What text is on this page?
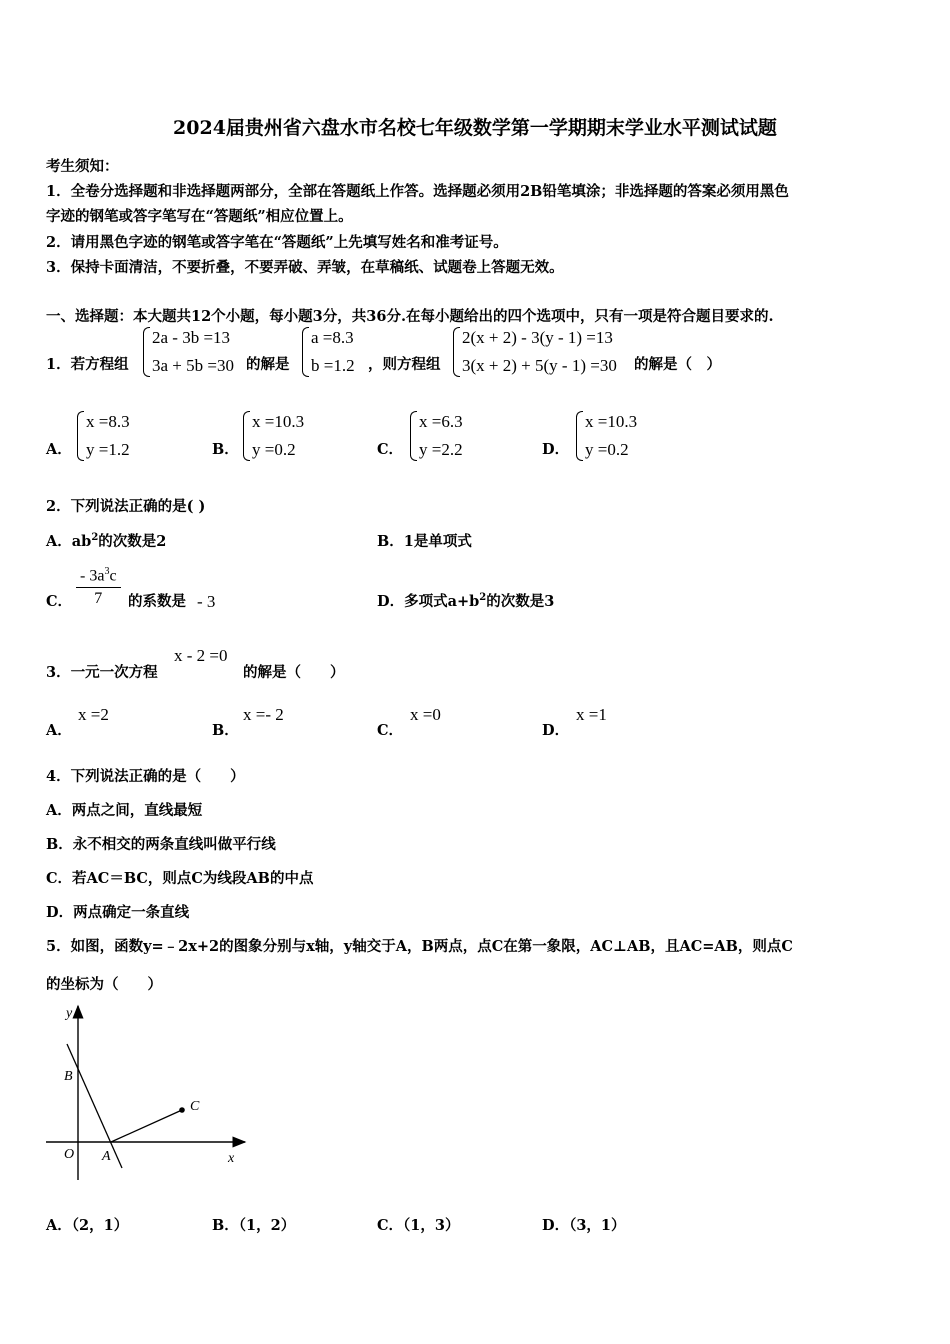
2024届贵州省六盘水市名校七年级数学第一学期期末学业水平测试试题
考生须知：
1．全卷分选择题和非选择题两部分，全部在答题纸上作答。选择题必须用2B铅笔填涂；非选择题的答案必须用黑色
字迹的钢笔或答字笔写在“答题纸”相应位置上。
2．请用黑色字迹的钢笔或答字笔在“答题纸”上先填写姓名和准考证号。
3．保持卡面清洁，不要折叠，不要弄破、弄皱，在草稿纸、试题卷上答题无效。
一、选择题：本大题共12个小题，每小题3分，共36分.在每小题给出的四个选项中，只有一项是符合题目要求的.
1．若方程组
2a - 3b =13
3a + 5b =30 的解是
a =8.3
b =1.2 ，则方程组
2(x + 2) - 3(y - 1) =13
3(x + 2) + 5(y - 1) =30 的解是（　）
A．
x =8.3
y =1.2	B．
x =10.3
y =0.2	C．
x =6.3
y =2.2	D．
x =10.3
y =0.2
2．下列说法正确的是( )
A．$ab^2$的次数是2	B．1是单项式
C． $\frac{- 3a^3c}{7}$ 的系数是 - 3	D．多项式$a+b^2$的次数是3
3．一元一次方程
x - 2 =0
的解是（　　）
A．
x =2
B．
x =- 2
C．
x =0
D．
x =1
4．下列说法正确的是（　　）
A．两点之间，直线最短
B．永不相交的两条直线叫做平行线
C．若AC＝BC，则点C为线段AB的中点
D．两点确定一条直线
5．如图，函数y=﹣2x+2的图象分别与x轴，y轴交于A，B两点，点C在第一象限，AC⊥AB，且AC=AB，则点C
的坐标为（　　）
y
x
O A
B
C
A．（2，1）	B．（1，2）	C．（1，3）	D．（3，1）
